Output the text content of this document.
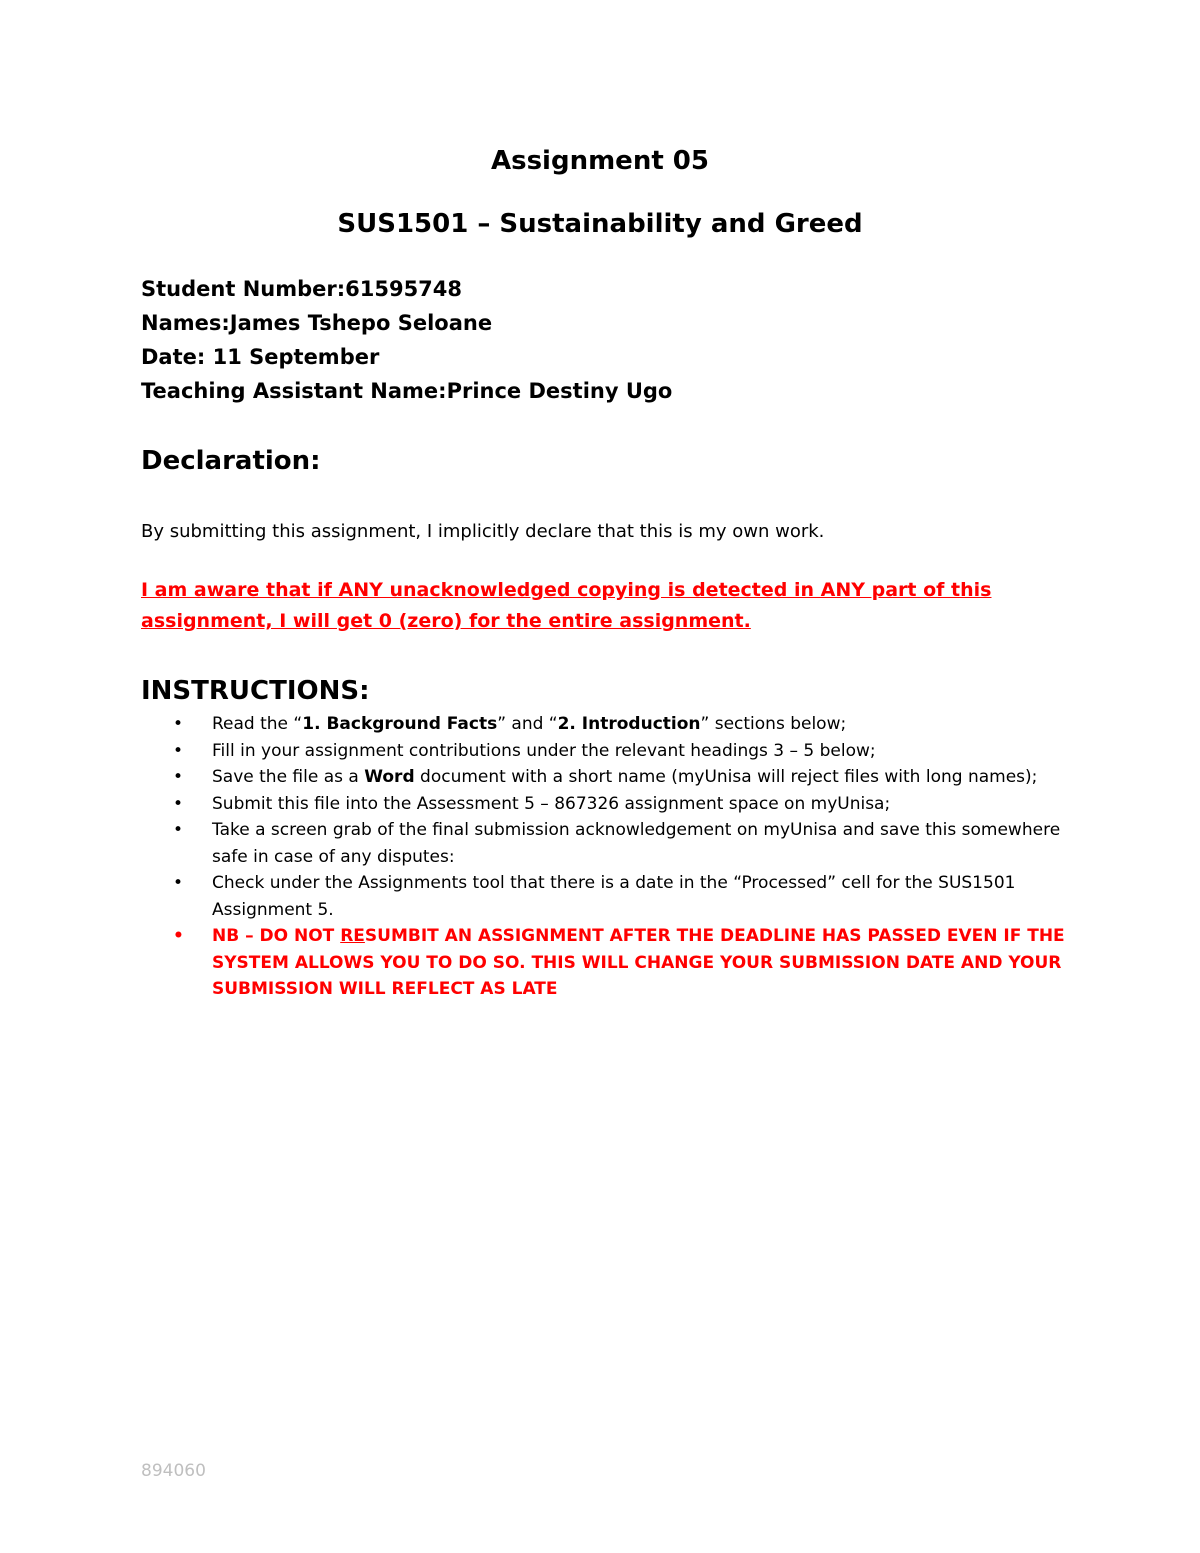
Assignment 05
SUS1501 – Sustainability and Greed
Student Number:61595748
Names:James Tshepo Seloane
Date: 11 September
Teaching Assistant Name:Prince Destiny Ugo
Declaration:
By submitting this assignment, I implicitly declare that this is my own work.
I am aware that if ANY unacknowledged copying is detected in ANY part of this assignment, I will get 0 (zero) for the entire assignment.
INSTRUCTIONS:
• Read the “1. Background Facts” and “2. Introduction” sections below;
• Fill in your assignment contributions under the relevant headings 3 – 5 below;
• Save the file as a Word document with a short name (myUnisa will reject files with long names);
• Submit this file into the Assessment 5 – 867326 assignment space on myUnisa;
• Take a screen grab of the final submission acknowledgement on myUnisa and save this somewhere safe in case of any disputes:
• Check under the Assignments tool that there is a date in the “Processed” cell for the SUS1501 Assignment 5.
• NB – DO NOT RESUMBIT AN ASSIGNMENT AFTER THE DEADLINE HAS PASSED EVEN IF THE SYSTEM ALLOWS YOU TO DO SO. THIS WILL CHANGE YOUR SUBMISSION DATE AND YOUR SUBMISSION WILL REFLECT AS LATE
894060
